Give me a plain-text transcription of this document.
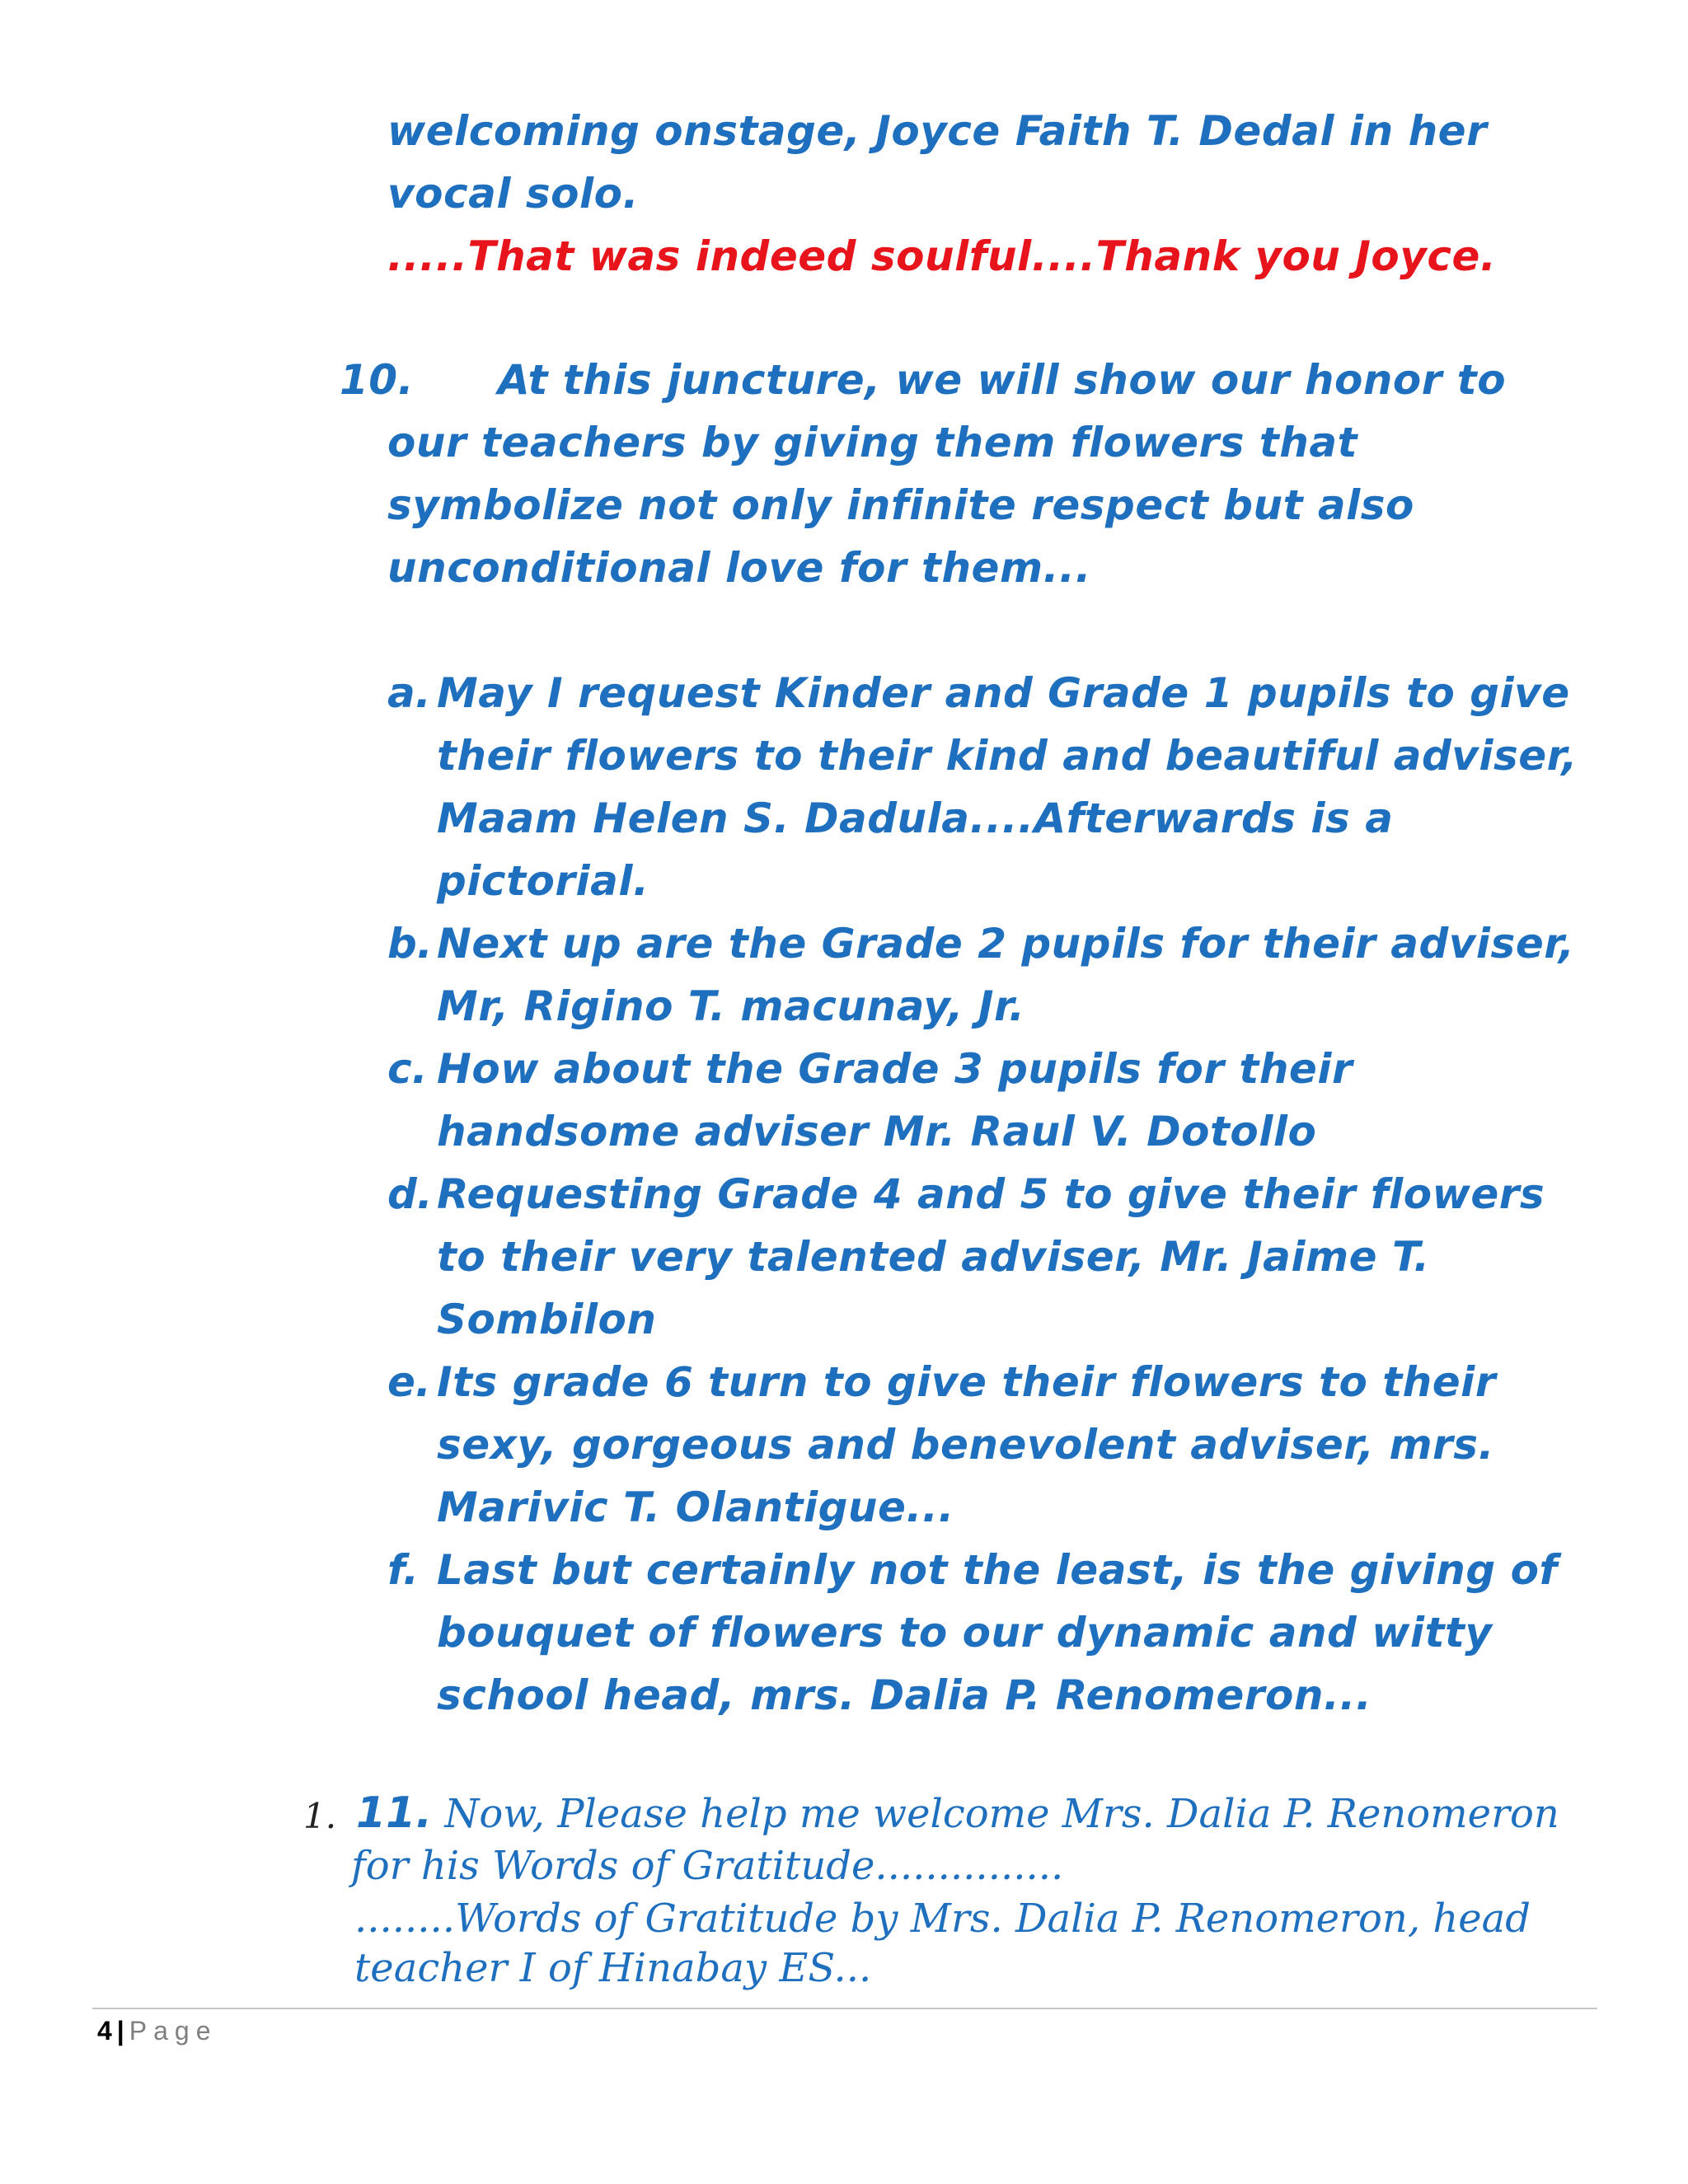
welcoming onstage, Joyce Faith T. Dedal in her
vocal solo.
.....That was indeed soulful....Thank you Joyce.
10. At this juncture, we will show our honor to
our teachers by giving them flowers that
symbolize not only infinite respect but also
unconditional love for them...
a. May I request Kinder and Grade 1 pupils to give
their flowers to their kind and beautiful adviser,
Maam Helen S. Dadula....Afterwards is a
pictorial.
b. Next up are the Grade 2 pupils for their adviser,
Mr, Rigino T. macunay, Jr.
c. How about the Grade 3 pupils for their
handsome adviser Mr. Raul V. Dotollo
d. Requesting Grade 4 and 5 to give their flowers
to their very talented adviser, Mr. Jaime T.
Sombilon
e. Its grade 6 turn to give their flowers to their
sexy, gorgeous and benevolent adviser, mrs.
Marivic T. Olantigue...
f. Last but certainly not the least, is the giving of
bouquet of flowers to our dynamic and witty
school head, mrs. Dalia P. Renomeron...
1. 11. Now, Please help me welcome Mrs. Dalia P. Renomeron
for his Words of Gratitude...............
........Words of Gratitude by Mrs. Dalia P. Renomeron, head
teacher I of Hinabay ES...
4 | Page
